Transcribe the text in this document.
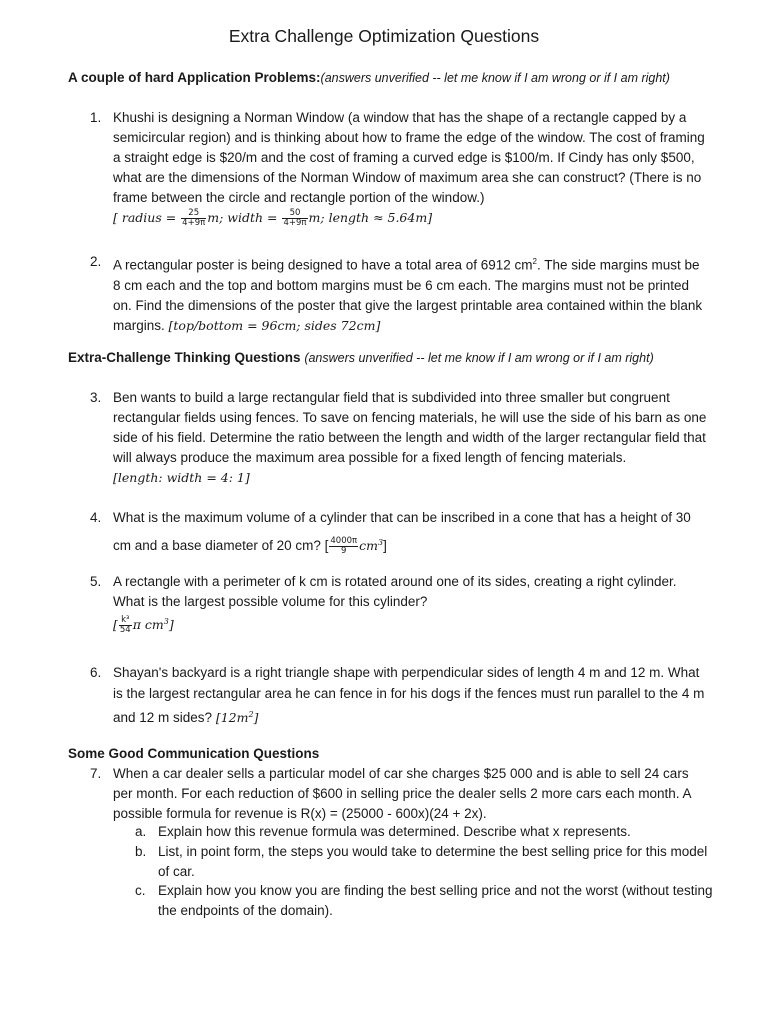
Extra Challenge Optimization Questions
A couple of hard Application Problems:(answers unverified -- let me know if I am wrong or if I am right)
1. Khushi is designing a Norman Window (a window that has the shape of a rectangle capped by a semicircular region) and is thinking about how to frame the edge of the window. The cost of framing a straight edge is $20/m and the cost of framing a curved edge is $100/m. If Cindy has only $500, what are the dimensions of the Norman Window of maximum area she can construct? (There is no frame between the circle and rectangle portion of the window.)
[ radius = $\frac{25}{4+9\pi} m$; width = $\frac{50}{4+9\pi} m$; length ≈ 5.64m]
2. A rectangular poster is being designed to have a total area of 6912 $cm^2$. The side margins must be 8 cm each and the top and bottom margins must be 6 cm each. The margins must not be printed on. Find the dimensions of the poster that give the largest printable area contained within the blank margins. [top/bottom = 96cm; sides 72cm]
Extra-Challenge Thinking Questions (answers unverified -- let me know if I am wrong or if I am right)
3. Ben wants to build a large rectangular field that is subdivided into three smaller but congruent rectangular fields using fences. To save on fencing materials, he will use the side of his barn as one side of his field. Determine the ratio between the length and width of the larger rectangular field that will always produce the maximum area possible for a fixed length of fencing materials.
[length: width = 4: 1]
4. What is the maximum volume of a cylinder that can be inscribed in a cone that has a height of 30 cm and a base diameter of 20 cm? [ $\frac{4000\pi}{9} cm^3$]
5. A rectangle with a perimeter of k cm is rotated around one of its sides, creating a right cylinder. What is the largest possible volume for this cylinder?
[ $\frac{\text{k³}}{54}$ π $cm^3$]
6. Shayan's backyard is a right triangle shape with perpendicular sides of length 4 m and 12 m. What is the largest rectangular area he can fence in for his dogs if the fences must run parallel to the 4 m and 12 m sides? $[12m^2]$
Some Good Communication Questions
7. When a car dealer sells a particular model of car she charges $25 000 and is able to sell 24 cars per month. For each reduction of $600 in selling price the dealer sells 2 more cars each month. A possible formula for revenue is R(x) = (25000 - 600x)(24 + 2x).
a. Explain how this revenue formula was determined. Describe what x represents.
b. List, in point form, the steps you would take to determine the best selling price for this model of car.
c. Explain how you know you are finding the best selling price and not the worst (without testing the endpoints of the domain).
